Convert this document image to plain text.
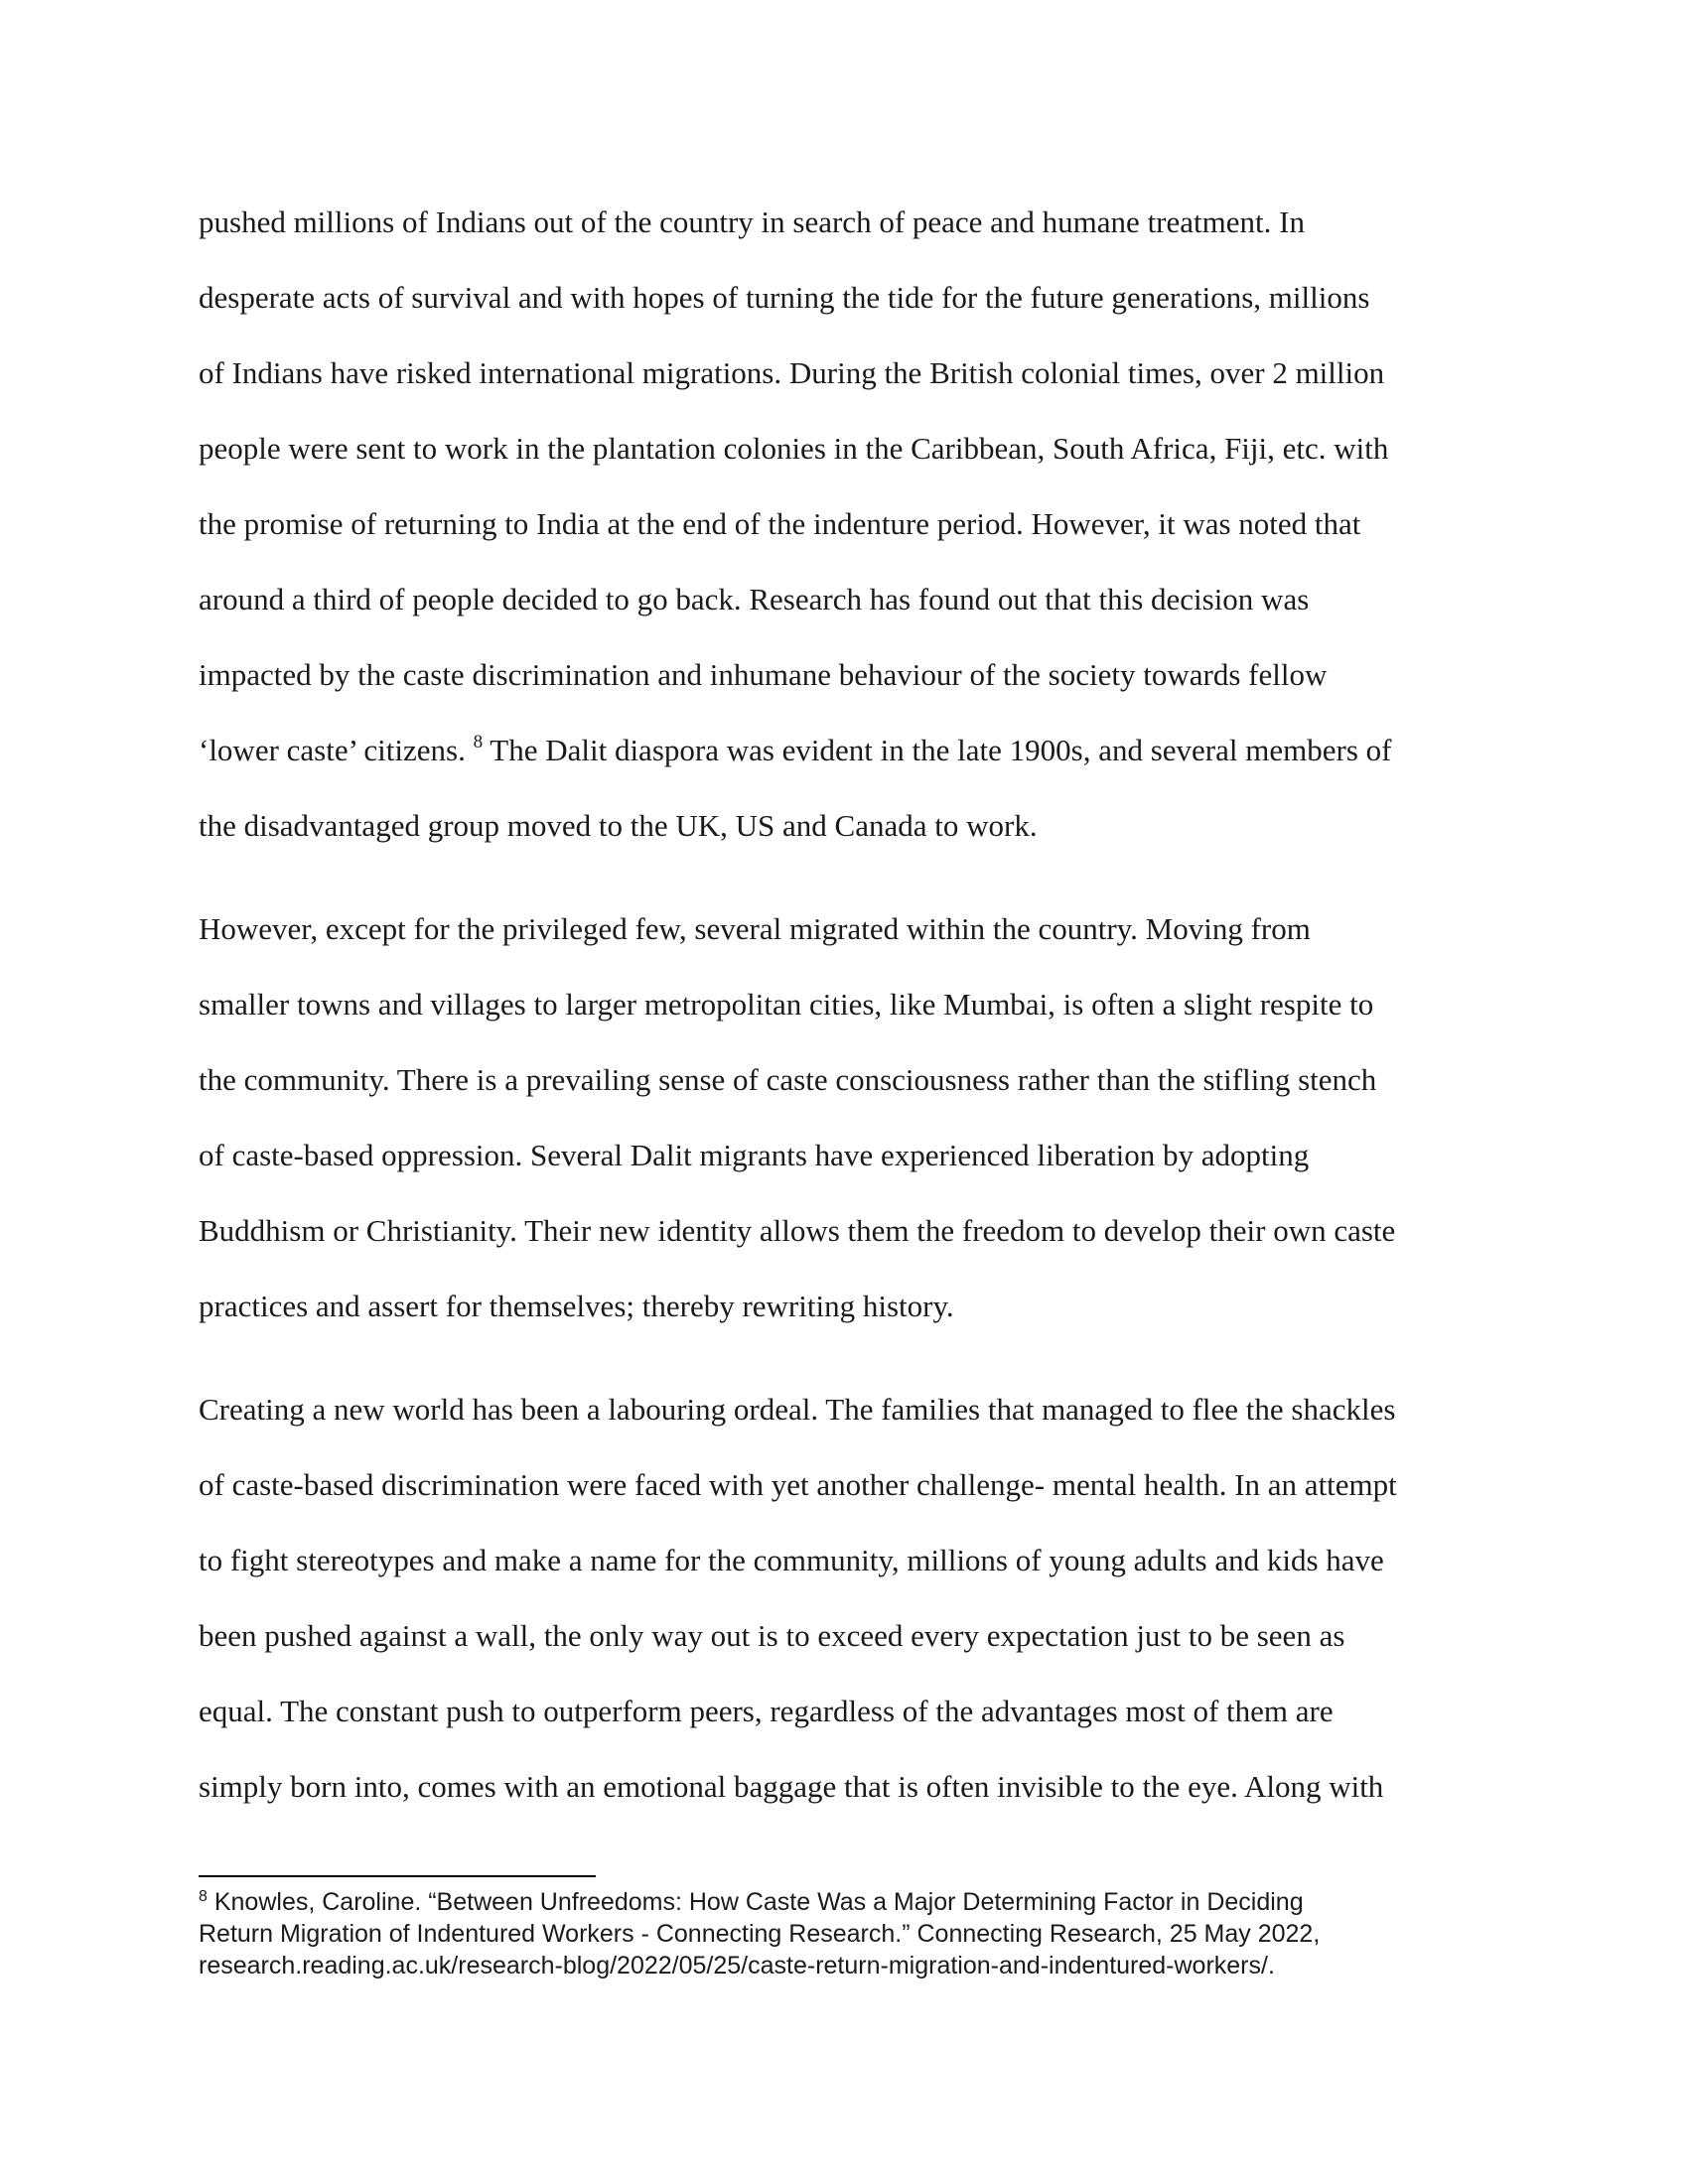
pushed millions of Indians out of the country in search of peace and humane treatment. In
desperate acts of survival and with hopes of turning the tide for the future generations, millions
of Indians have risked international migrations. During the British colonial times, over 2 million
people were sent to work in the plantation colonies in the Caribbean, South Africa, Fiji, etc. with
the promise of returning to India at the end of the indenture period. However, it was noted that
around a third of people decided to go back. Research has found out that this decision was
impacted by the caste discrimination and inhumane behaviour of the society towards fellow
‘lower caste’ citizens. $^8$ The Dalit diaspora was evident in the late 1900s, and several members of
the disadvantaged group moved to the UK, US and Canada to work.
However, except for the privileged few, several migrated within the country. Moving from
smaller towns and villages to larger metropolitan cities, like Mumbai, is often a slight respite to
the community. There is a prevailing sense of caste consciousness rather than the stifling stench
of caste-based oppression. Several Dalit migrants have experienced liberation by adopting
Buddhism or Christianity. Their new identity allows them the freedom to develop their own caste
practices and assert for themselves; thereby rewriting history.
Creating a new world has been a labouring ordeal. The families that managed to flee the shackles
of caste-based discrimination were faced with yet another challenge- mental health. In an attempt
to fight stereotypes and make a name for the community, millions of young adults and kids have
been pushed against a wall, the only way out is to exceed every expectation just to be seen as
equal. The constant push to outperform peers, regardless of the advantages most of them are
simply born into, comes with an emotional baggage that is often invisible to the eye. Along with
$^8$ Knowles, Caroline. “Between Unfreedoms: How Caste Was a Major Determining Factor in Deciding
Return Migration of Indentured Workers - Connecting Research.” Connecting Research, 25 May 2022,
research.reading.ac.uk/research-blog/2022/05/25/caste-return-migration-and-indentured-workers/.
